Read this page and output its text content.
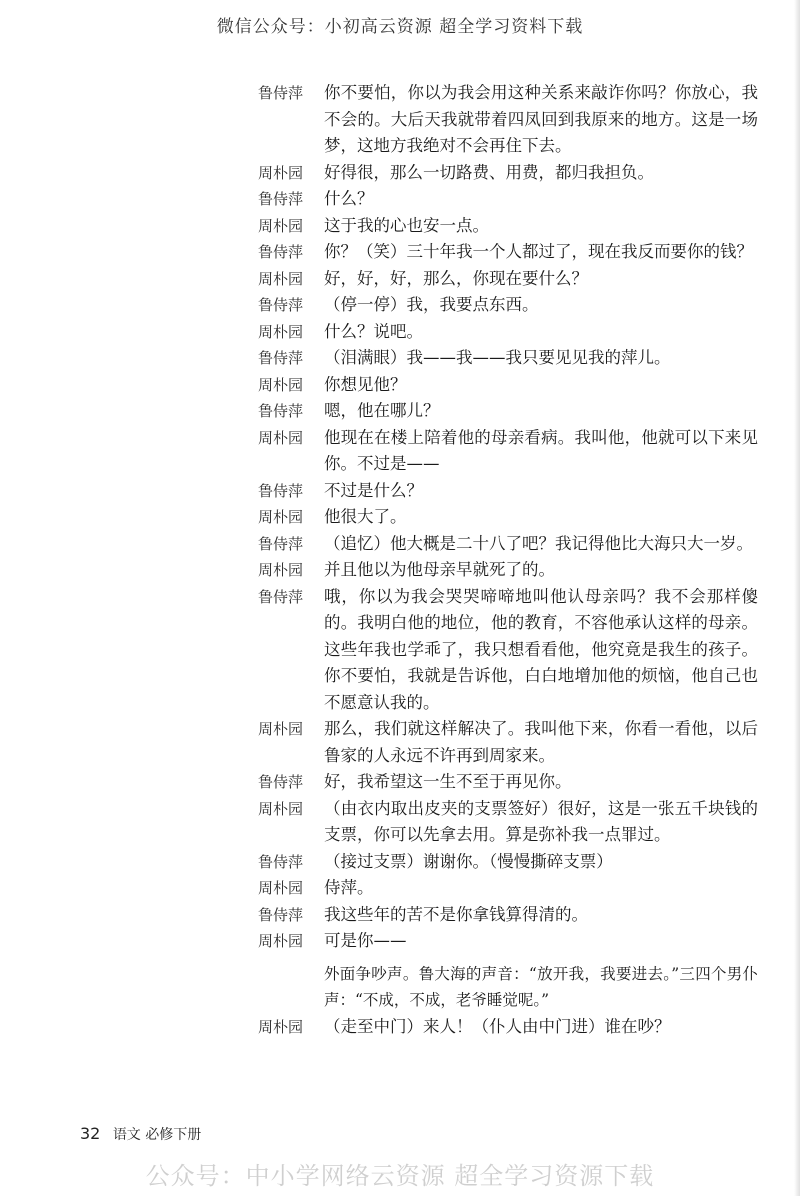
微信公众号：小初高云资源 超全学习资料下载
鲁侍萍	你不要怕，你以为我会用这种关系来敲诈你吗？你放心，我不会的。大后天我就带着四凤回到我原来的地方。这是一场梦，这地方我绝对不会再住下去。
周朴园	好得很，那么一切路费、用费，都归我担负。
鲁侍萍	什么？
周朴园	这于我的心也安一点。
鲁侍萍	你？（笑）三十年我一个人都过了，现在我反而要你的钱？
周朴园	好，好，好，那么，你现在要什么？
鲁侍萍	（停一停）我，我要点东西。
周朴园	什么？说吧。
鲁侍萍	（泪满眼）我——我——我只要见见我的萍儿。
周朴园	你想见他？
鲁侍萍	嗯，他在哪儿？
周朴园	他现在在楼上陪着他的母亲看病。我叫他，他就可以下来见你。不过是——
鲁侍萍	不过是什么？
周朴园	他很大了。
鲁侍萍	（追忆）他大概是二十八了吧？我记得他比大海只大一岁。
周朴园	并且他以为他母亲早就死了的。
鲁侍萍	哦，你以为我会哭哭啼啼地叫他认母亲吗？我不会那样傻的。我明白他的地位，他的教育，不容他承认这样的母亲。这些年我也学乖了，我只想看看他，他究竟是我生的孩子。你不要怕，我就是告诉他，白白地增加他的烦恼，他自己也不愿意认我的。
周朴园	那么，我们就这样解决了。我叫他下来，你看一看他，以后鲁家的人永远不许再到周家来。
鲁侍萍	好，我希望这一生不至于再见你。
周朴园	（由衣内取出皮夹的支票签好）很好，这是一张五千块钱的支票，你可以先拿去用。算是弥补我一点罪过。
鲁侍萍	（接过支票）谢谢你。（慢慢撕碎支票）
周朴园	侍萍。
鲁侍萍	我这些年的苦不是你拿钱算得清的。
周朴园	可是你——
外面争吵声。鲁大海的声音：“放开我，我要进去。”三四个男仆声：“不成，不成，老爷睡觉呢。”
周朴园	（走至中门）来人！（仆人由中门进）谁在吵？
32 语文 必修下册
公众号：中小学网络云资源 超全学习资源下载
